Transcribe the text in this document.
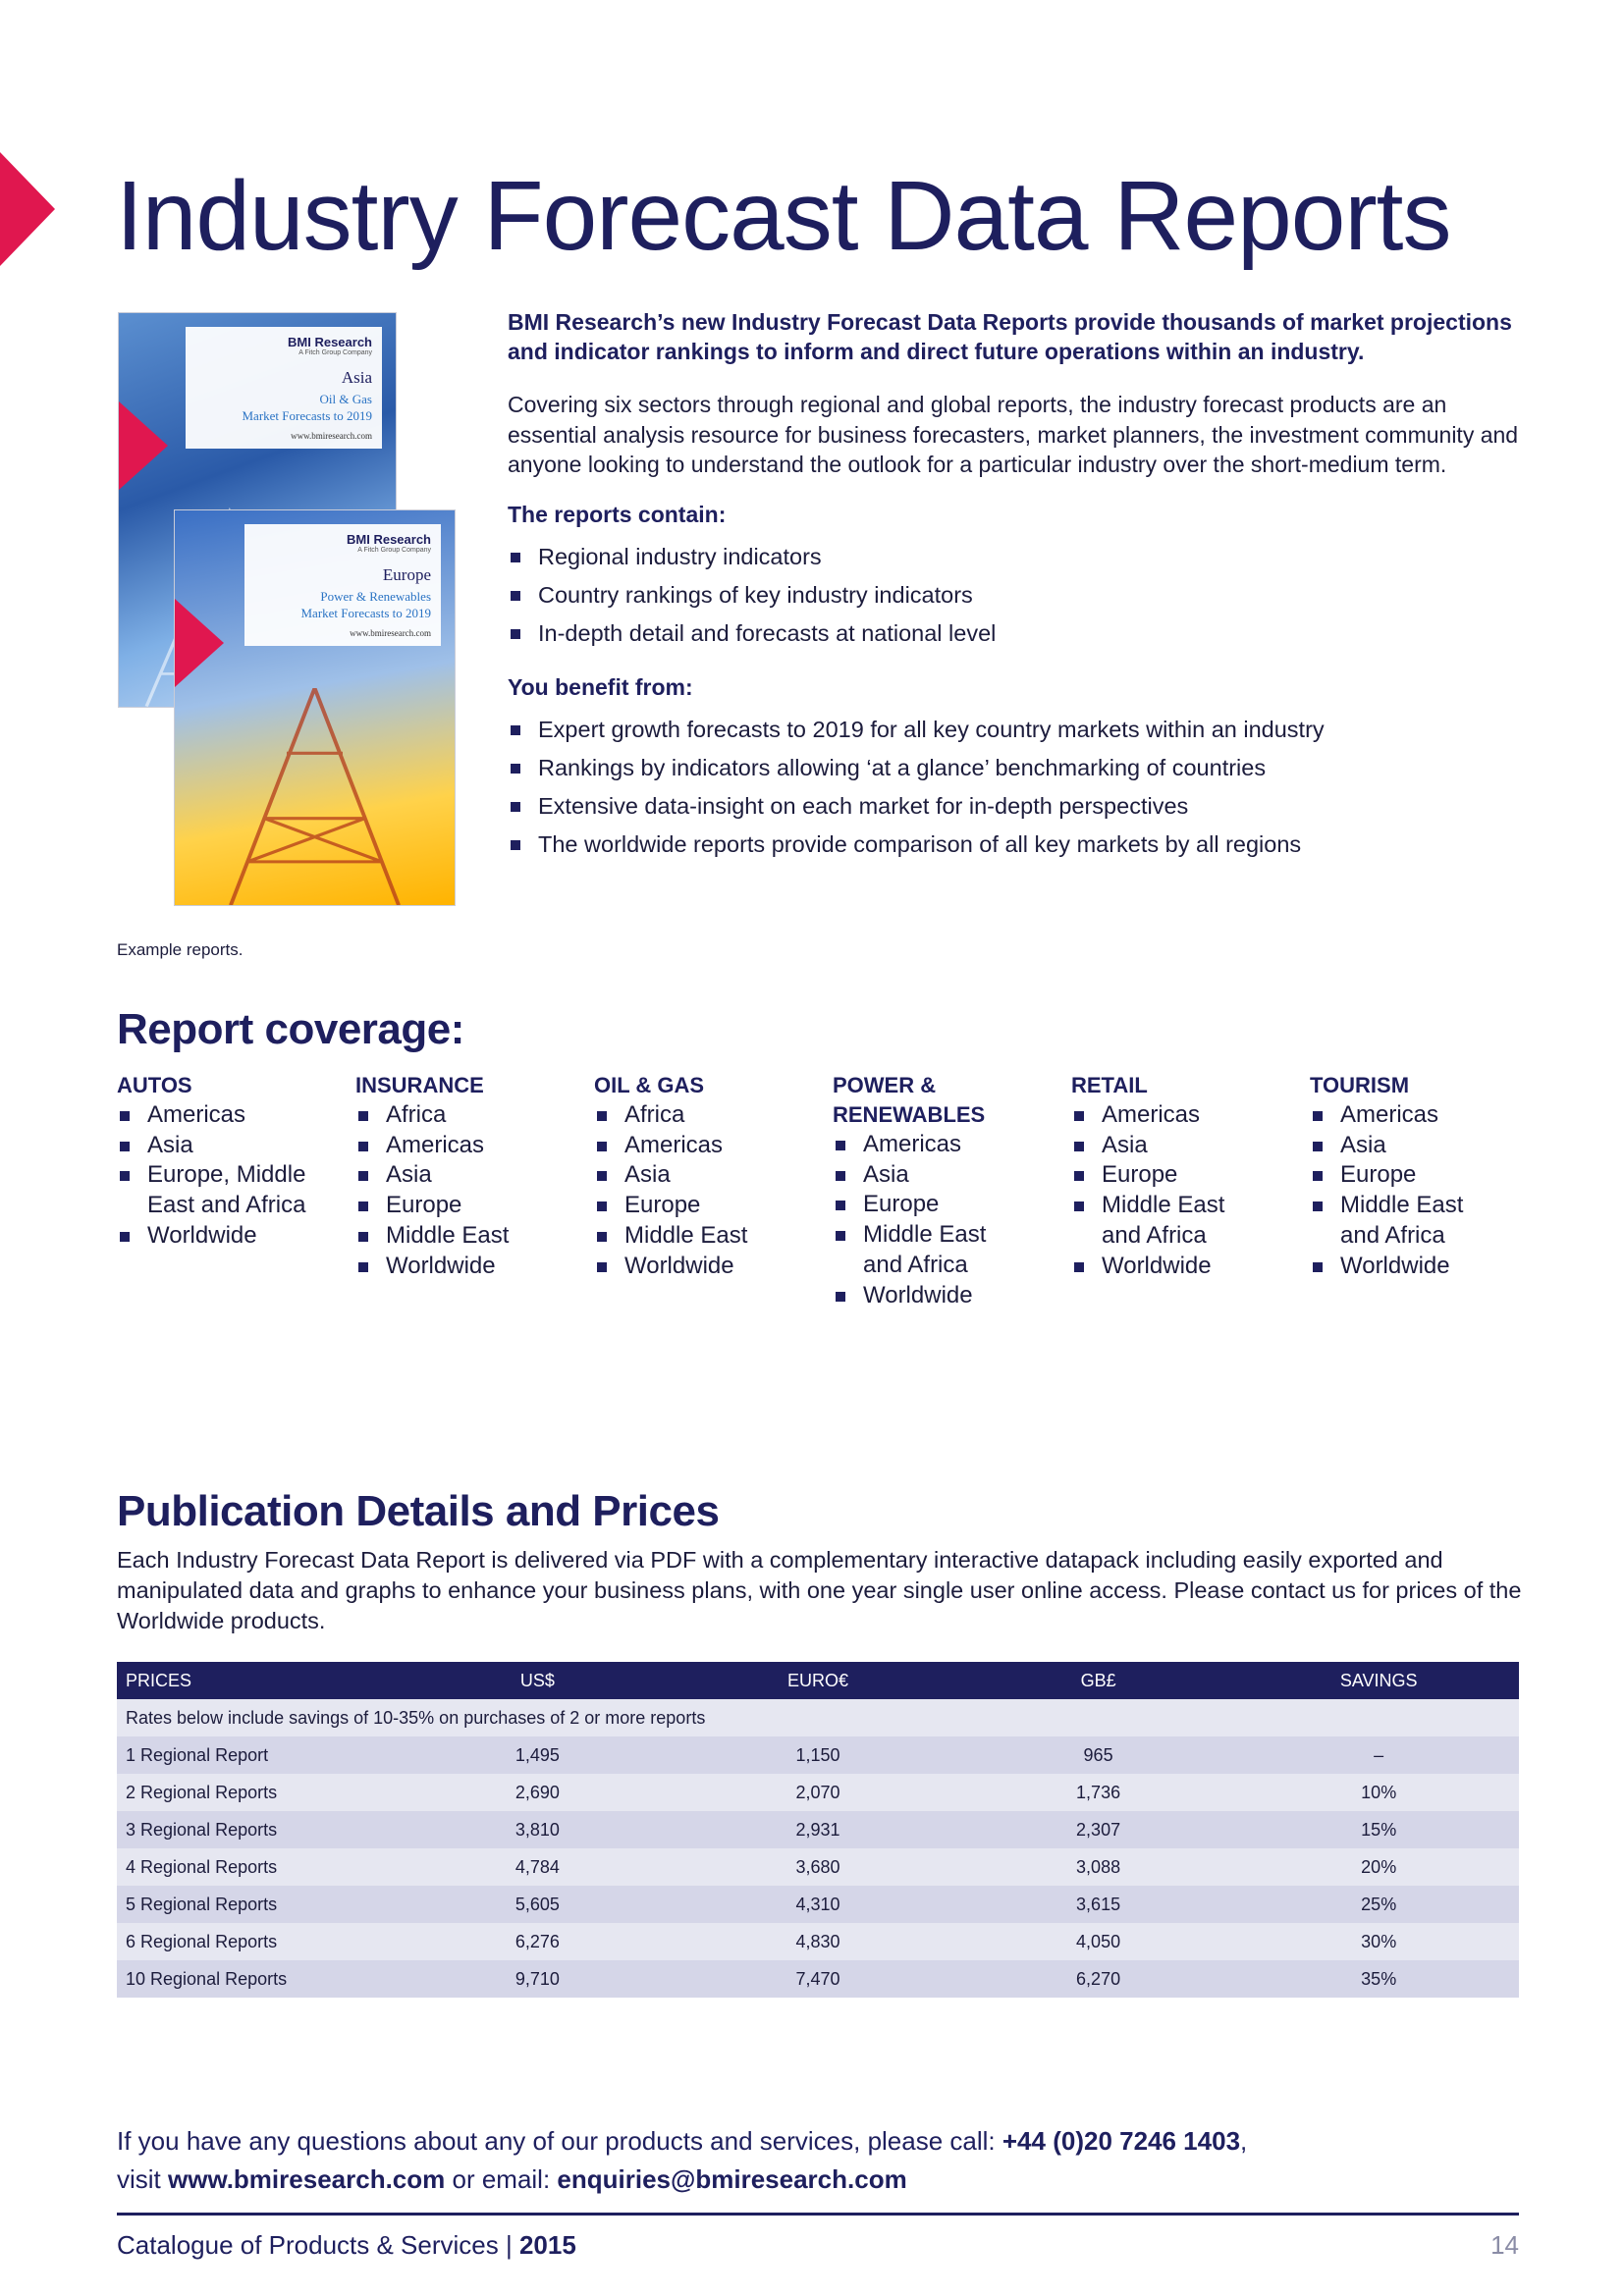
Industry Forecast Data Reports
BMI Research
A Fitch Group Company
Asia
Oil & Gas
Market Forecasts to 2019
www.bmiresearch.com
BMI Research
A Fitch Group Company
Europe
Power & Renewables
Market Forecasts to 2019
www.bmiresearch.com
Example reports.

BMI Research’s new Industry Forecast Data Reports provide thousands of market projections and indicator rankings to inform and direct future operations within an industry.

Covering six sectors through regional and global reports, the industry forecast products are an essential analysis resource for business forecasters, market planners, the investment community and anyone looking to understand the outlook for a particular industry over the short-medium term.

The reports contain:
Regional industry indicators
Country rankings of key industry indicators
In-depth detail and forecasts at national level
You benefit from:
Expert growth forecasts to 2019 for all key country markets within an industry
Rankings by indicators allowing ‘at a glance’ benchmarking of countries
Extensive data-insight on each market for in-depth perspectives
The worldwide reports provide comparison of all key markets by all regions
Report coverage:
AUTOS
Americas
Asia
Europe, Middle East and Africa
Worldwide
INSURANCE
Africa
Americas
Asia
Europe
Middle East
Worldwide
OIL & GAS
Africa
Americas
Asia
Europe
Middle East
Worldwide
POWER & RENEWABLES
Americas
Asia
Europe
Middle East and Africa
Worldwide
RETAIL
Americas
Asia
Europe
Middle East and Africa
Worldwide
TOURISM
Americas
Asia
Europe
Middle East and Africa
Worldwide
Publication Details and Prices

Each Industry Forecast Data Report is delivered via PDF with a complementary interactive datapack including easily exported and manipulated data and graphs to enhance your business plans, with one year single user online access. Please contact us for prices of the Worldwide products.

PRICES	US$	EURO€	GB£	SAVINGS
Rates below include savings of 10-35% on purchases of 2 or more reports				
1 Regional Report	1,495	1,150	965	–
2 Regional Reports	2,690	2,070	1,736	10%
3 Regional Reports	3,810	2,931	2,307	15%
4 Regional Reports	4,784	3,680	3,088	20%
5 Regional Reports	5,605	4,310	3,615	25%
6 Regional Reports	6,276	4,830	4,050	30%
10 Regional Reports	9,710	7,470	6,270	35%
If you have any questions about any of our products and services, please call: +44 (0)20 7246 1403,
visit www.bmiresearch.com or email: enquiries@bmiresearch.com
Catalogue of Products & Services | 2015	14
